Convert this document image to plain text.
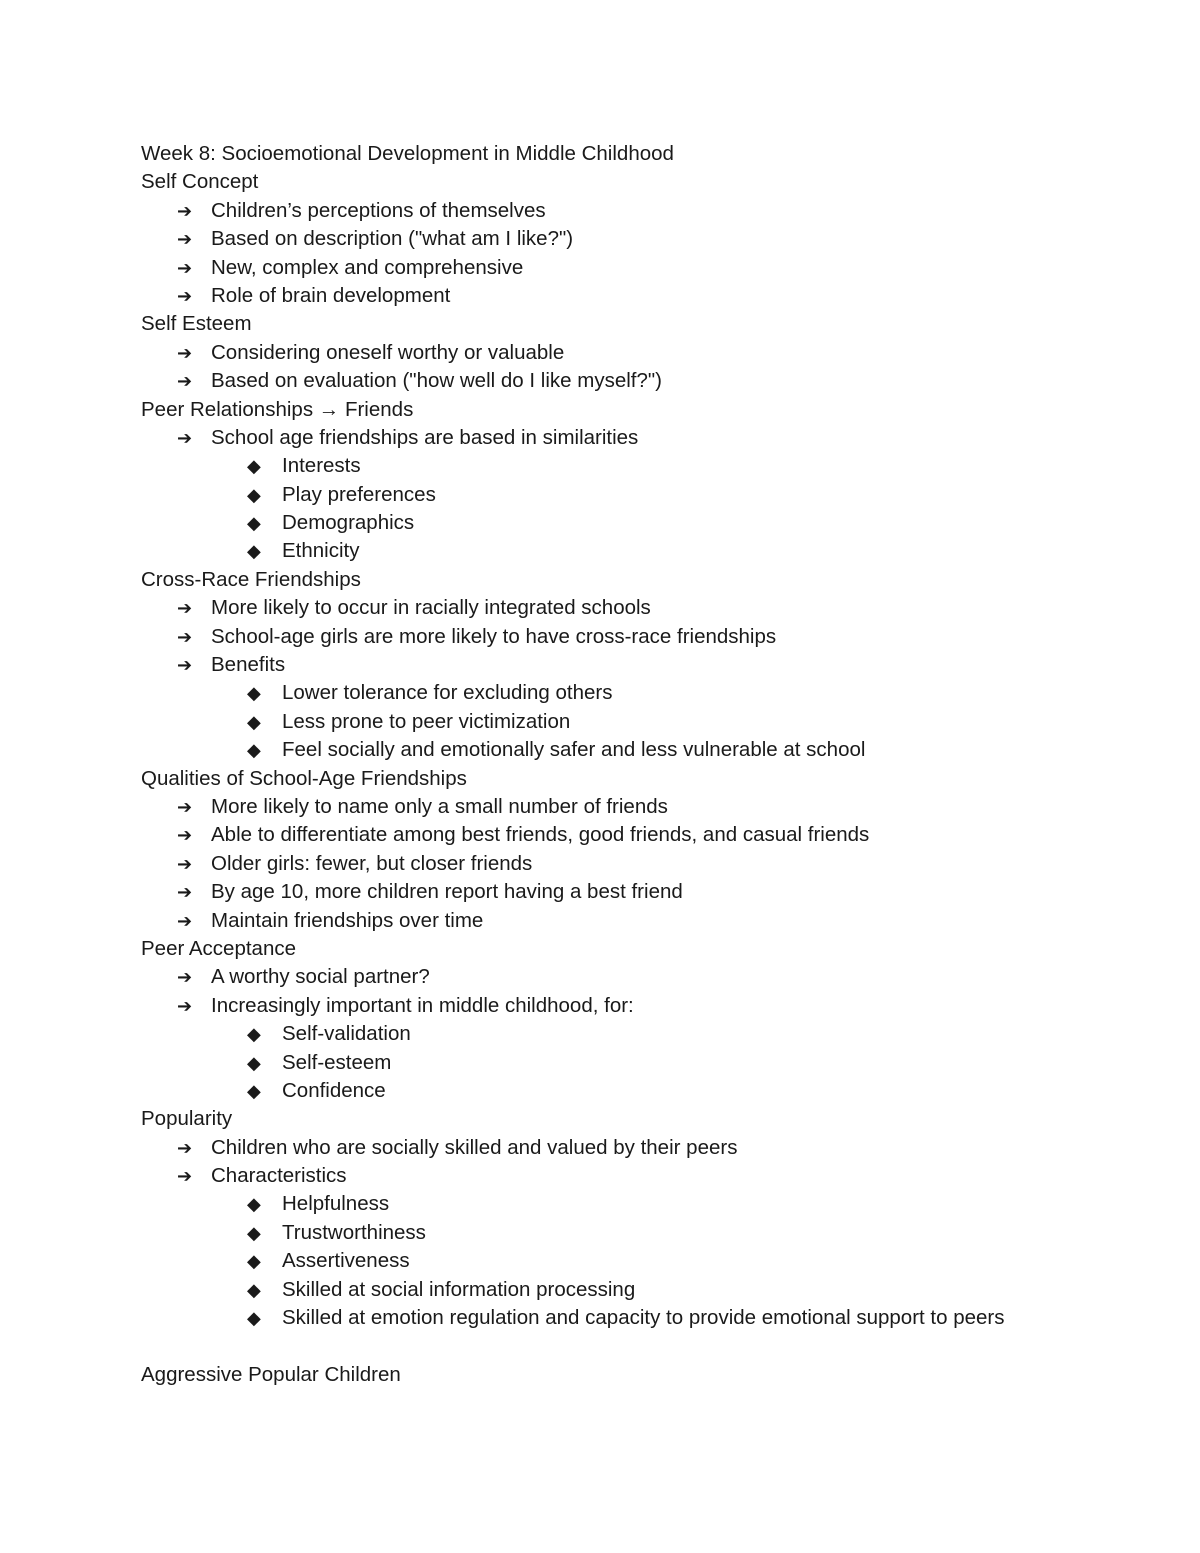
Week 8: Socioemotional Development in Middle Childhood
Self Concept
➔ Children’s perceptions of themselves
➔ Based on description ("what am I like?")
➔ New, complex and comprehensive
➔ Role of brain development
Self Esteem
➔ Considering oneself worthy or valuable
➔ Based on evaluation ("how well do I like myself?")
Peer Relationships → Friends
➔ School age friendships are based in similarities
◆ Interests
◆ Play preferences
◆ Demographics
◆ Ethnicity
Cross-Race Friendships
➔ More likely to occur in racially integrated schools
➔ School-age girls are more likely to have cross-race friendships
➔ Benefits
◆ Lower tolerance for excluding others
◆ Less prone to peer victimization
◆ Feel socially and emotionally safer and less vulnerable at school
Qualities of School-Age Friendships
➔ More likely to name only a small number of friends
➔ Able to differentiate among best friends, good friends, and casual friends
➔ Older girls: fewer, but closer friends
➔ By age 10, more children report having a best friend
➔ Maintain friendships over time
Peer Acceptance
➔ A worthy social partner?
➔ Increasingly important in middle childhood, for:
◆ Self-validation
◆ Self-esteem
◆ Confidence
Popularity
➔ Children who are socially skilled and valued by their peers
➔ Characteristics
◆ Helpfulness
◆ Trustworthiness
◆ Assertiveness
◆ Skilled at social information processing
◆ Skilled at emotion regulation and capacity to provide emotional support to peers
Aggressive Popular Children
